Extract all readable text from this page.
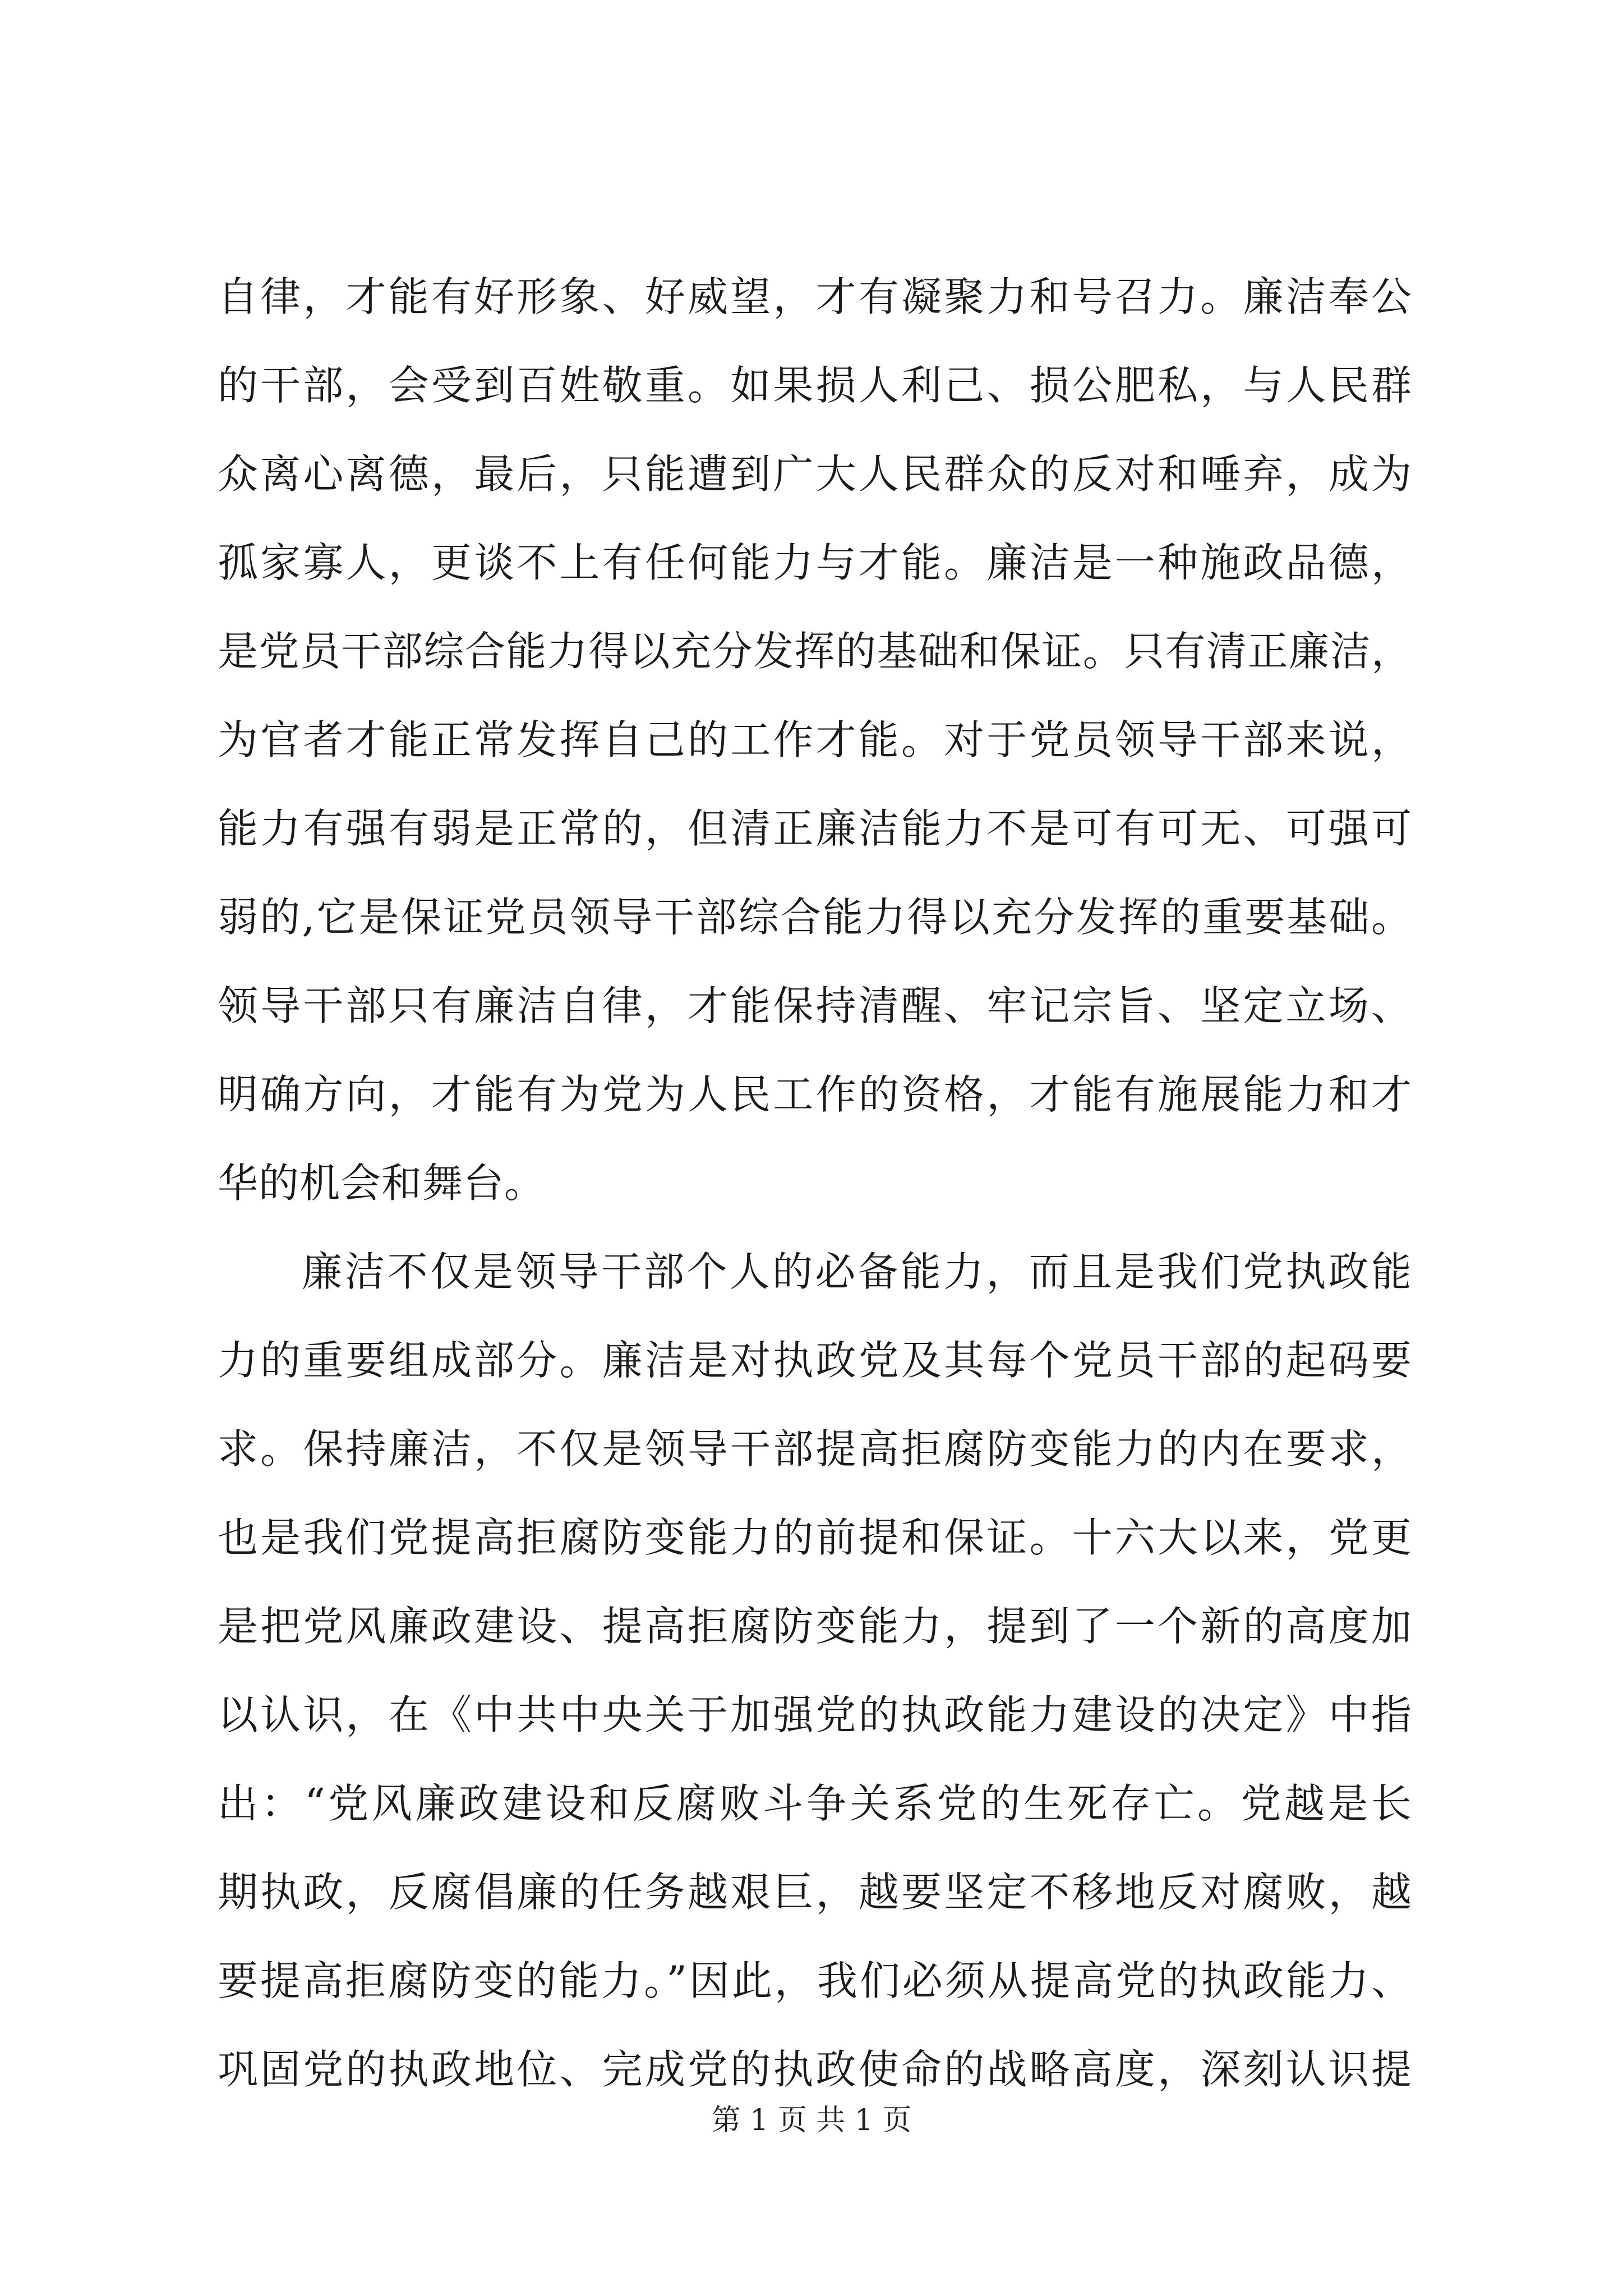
自律，才能有好形象、好威望，才有凝聚力和号召力。廉洁奉公
的干部，会受到百姓敬重。如果损人利己、损公肥私，与人民群
众离心离德，最后，只能遭到广大人民群众的反对和唾弃，成为
孤家寡人，更谈不上有任何能力与才能。廉洁是一种施政品德，
是党员干部综合能力得以充分发挥的基础和保证。只有清正廉洁，
为官者才能正常发挥自己的工作才能。对于党员领导干部来说，
能力有强有弱是正常的，但清正廉洁能力不是可有可无、可强可
弱的,它是保证党员领导干部综合能力得以充分发挥的重要基础。
领导干部只有廉洁自律，才能保持清醒、牢记宗旨、坚定立场、
明确方向，才能有为党为人民工作的资格，才能有施展能力和才
华的机会和舞台。
廉洁不仅是领导干部个人的必备能力，而且是我们党执政能
力的重要组成部分。廉洁是对执政党及其每个党员干部的起码要
求。保持廉洁，不仅是领导干部提高拒腐防变能力的内在要求，
也是我们党提高拒腐防变能力的前提和保证。十六大以来，党更
是把党风廉政建设、提高拒腐防变能力，提到了一个新的高度加
以认识，在《中共中央关于加强党的执政能力建设的决定》中指
出：“党风廉政建设和反腐败斗争关系党的生死存亡。党越是长
期执政，反腐倡廉的任务越艰巨，越要坚定不移地反对腐败，越
要提高拒腐防变的能力。”因此，我们必须从提高党的执政能力、
巩固党的执政地位、完成党的执政使命的战略高度，深刻认识提
第 1 页 共 1 页
